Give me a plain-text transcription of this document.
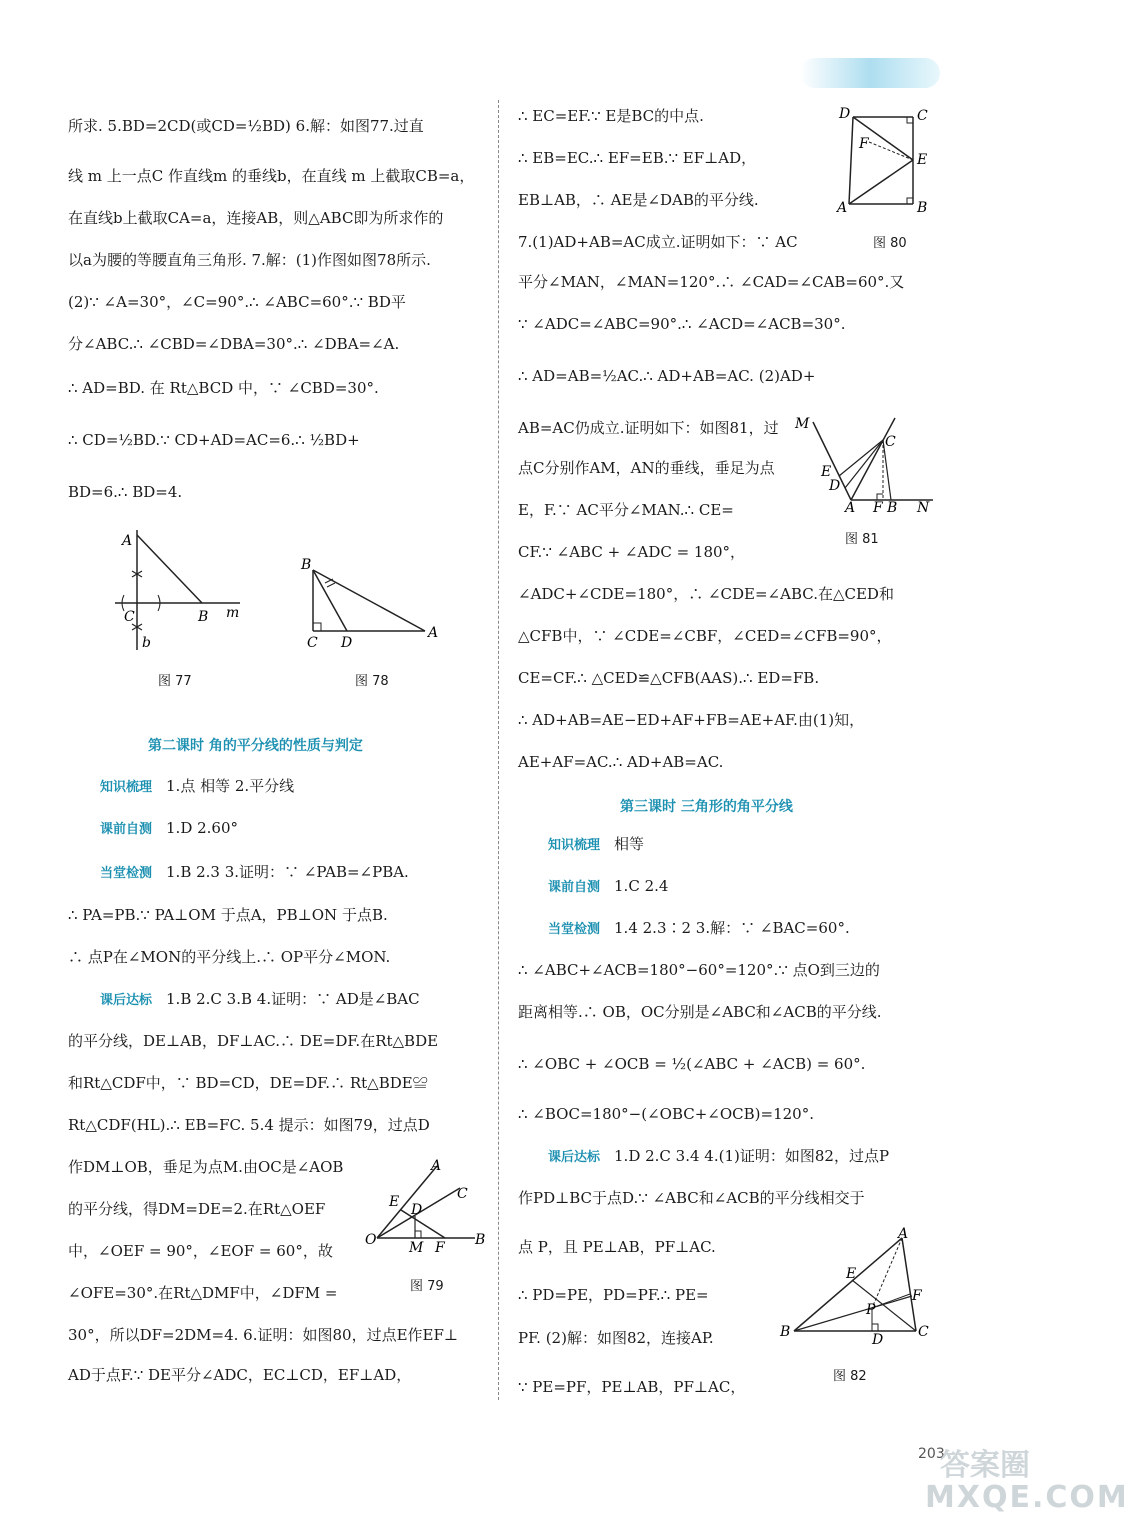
所求. 5.BD=2CD(或CD=½BD) 6.解：如图77.过直
线 m 上一点C 作直线m 的垂线b，在直线 m 上截取CB=a，
在直线b上截取CA=a，连接AB，则△ABC即为所求作的
以a为腰的等腰直角三角形. 7.解：(1)作图如图78所示.
(2)∵ ∠A=30°，∠C=90°.∴ ∠ABC=60°.∵ BD平
分∠ABC.∴ ∠CBD=∠DBA=30°.∴ ∠DBA=∠A.
∴ AD=BD. 在 Rt△BCD 中，∵ ∠CBD=30°.
∴ CD=½BD.∵ CD+AD=AC=6.∴ ½BD+
BD=6.∴ BD=4.
A
C	B m
b
图 77
B
C D
A
图 78
第二课时 角的平分线的性质与判定
知识梳理 1.点 相等 2.平分线
课前自测 1.D 2.60°
当堂检测 1.B 2.3 3.证明：∵ ∠PAB=∠PBA.
∴ PA=PB.∵ PA⊥OM 于点A，PB⊥ON 于点B.
∴ 点P在∠MON的平分线上.∴ OP平分∠MON.
课后达标 1.B 2.C 3.B 4.证明：∵ AD是∠BAC
的平分线，DE⊥AB，DF⊥AC.∴ DE=DF.在Rt△BDE
和Rt△CDF中，∵ BD=CD，DE=DF.∴ Rt△BDE≌
Rt△CDF(HL).∴ EB=FC. 5.4 提示：如图79，过点D
作DM⊥OB，垂足为点M.由OC是∠AOB
的平分线，得DM=DE=2.在Rt△OEF
中，∠OEF = 90°，∠EOF = 60°，故
∠OFE=30°.在Rt△DMF中，∠DFM =
30°，所以DF=2DM=4. 6.证明：如图80，过点E作EF⊥
AD于点F.∵ DE平分∠ADC，EC⊥CD，EF⊥AD，
A
E D
C
O M F B
图 79
∴ EC=EF.∵ E是BC的中点.
∴ EB=EC.∴ EF=EB.∵ EF⊥AD，
EB⊥AB，∴ AE是∠DAB的平分线.
7.(1)AD+AB=AC成立.证明如下：∵ AC
平分∠MAN，∠MAN=120°.∴ ∠CAD=∠CAB=60°.又
∵ ∠ADC=∠ABC=90°.∴ ∠ACD=∠ACB=30°.
∴ AD=AB=½AC.∴ AD+AB=AC. (2)AD+
AB=AC仍成立.证明如下：如图81，过
点C分别作AM，AN的垂线，垂足为点
E，F.∵ AC平分∠MAN.∴ CE=
CF.∵ ∠ABC + ∠ADC = 180°，
∠ADC+∠CDE=180°，∴ ∠CDE=∠ABC.在△CED和
△CFB中，∵ ∠CDE=∠CBF，∠CED=∠CFB=90°，
CE=CF.∴ △CED≌△CFB(AAS).∴ ED=FB.
∴ AD+AB=AE−ED+AF+FB=AE+AF.由(1)知，
AE+AF=AC.∴ AD+AB=AC.
D	C
F
E
A	B
图 80
M
C
E
D
A F B N
图 81
第三课时 三角形的角平分线
知识梳理 相等
课前自测 1.C 2.4
当堂检测 1.4 2.3∶2 3.解：∵ ∠BAC=60°.
∴ ∠ABC+∠ACB=180°−60°=120°.∵ 点O到三边的
距离相等.∴ OB，OC分别是∠ABC和∠ACB的平分线.
∴ ∠OBC + ∠OCB = ½(∠ABC + ∠ACB) = 60°.
∴ ∠BOC=180°−(∠OBC+∠OCB)=120°.
课后达标 1.D 2.C 3.4 4.(1)证明：如图82，过点P
作PD⊥BC于点D.∵ ∠ABC和∠ACB的平分线相交于
点 P，且 PE⊥AB，PF⊥AC.
∴ PD=PE，PD=PF.∴ PE=
PF. (2)解：如图82，连接AP.
∵ PE=PF，PE⊥AB，PF⊥AC，
A
E
F
P
B	D C
图 82
203
答案圈
MXQE.COM
